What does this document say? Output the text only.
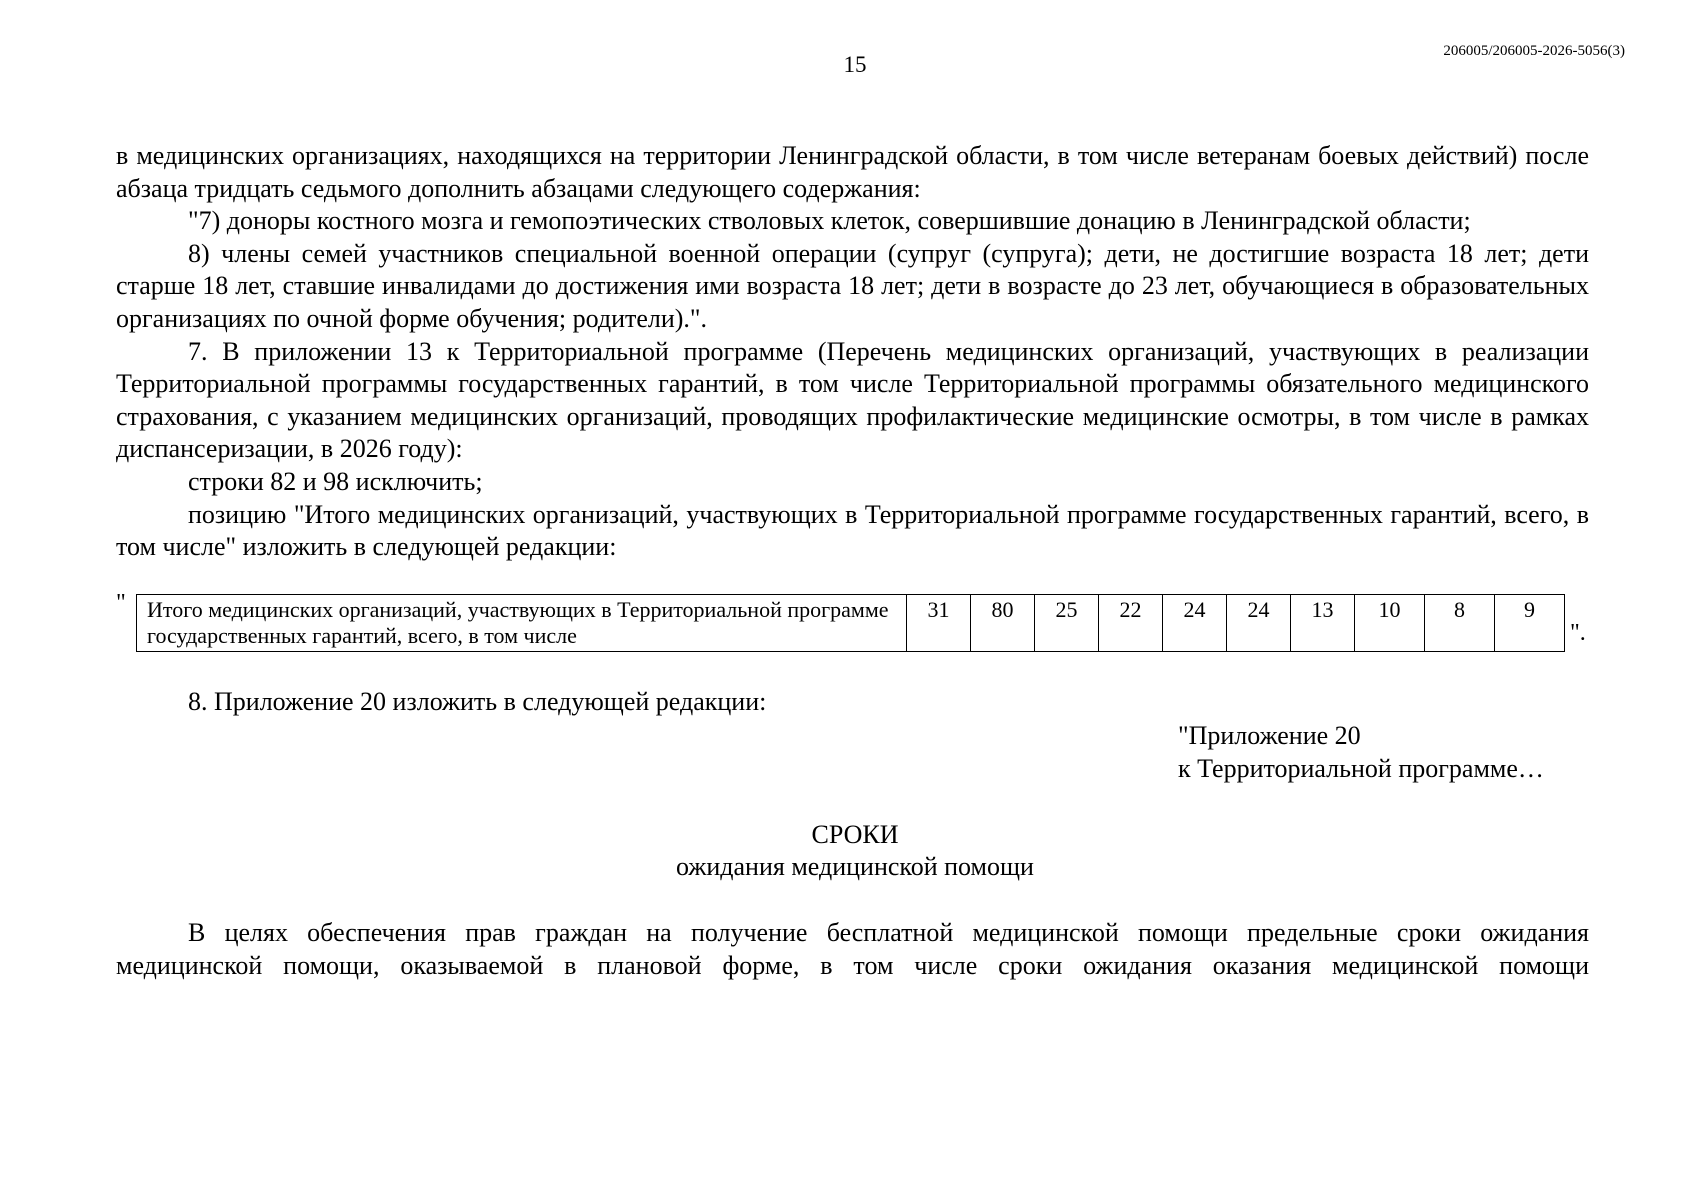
15
206005/206005-2026-5056(3)

в медицинских организациях, находящихся на территории Ленинградской области, в том числе ветеранам боевых действий) после абзаца тридцать седьмого дополнить абзацами следующего содержания:

"7) доноры костного мозга и гемопоэтических стволовых клеток, совершившие донацию в Ленинградской области;

8) члены семей участников специальной военной операции (супруг (супруга); дети, не достигшие возраста 18 лет; дети старше 18 лет, ставшие инвалидами до достижения ими возраста 18 лет; дети в возрасте до 23 лет, обучающиеся в образовательных организациях по очной форме обучения; родители).".

7. В приложении 13 к Территориальной программе (Перечень медицинских организаций, участвующих в реализации Территориальной программы государственных гарантий, в том числе Территориальной программы обязательного медицинского страхования, с указанием медицинских организаций, проводящих профилактические медицинские осмотры, в том числе в рамках диспансеризации, в 2026 году):

строки 82 и 98 исключить;

позицию "Итого медицинских организаций, участвующих в Территориальной программе государственных гарантий, всего, в том числе" изложить в следующей редакции:

" Итого медицинских организаций, участвующих в Территориальной программе государственных гарантий, всего, в том числе	31	80	25	22	24	24	13	10	8	9
".
8. Приложение 20 изложить в следующей редакции:
"Приложение 20
к Территориальной программе…
СРОКИ
ожидания медицинской помощи

В целях обеспечения прав граждан на получение бесплатной медицинской помощи предельные сроки ожидания медицинской помощи, оказываемой в плановой форме, в том числе сроки ожидания оказания медицинской помощи
